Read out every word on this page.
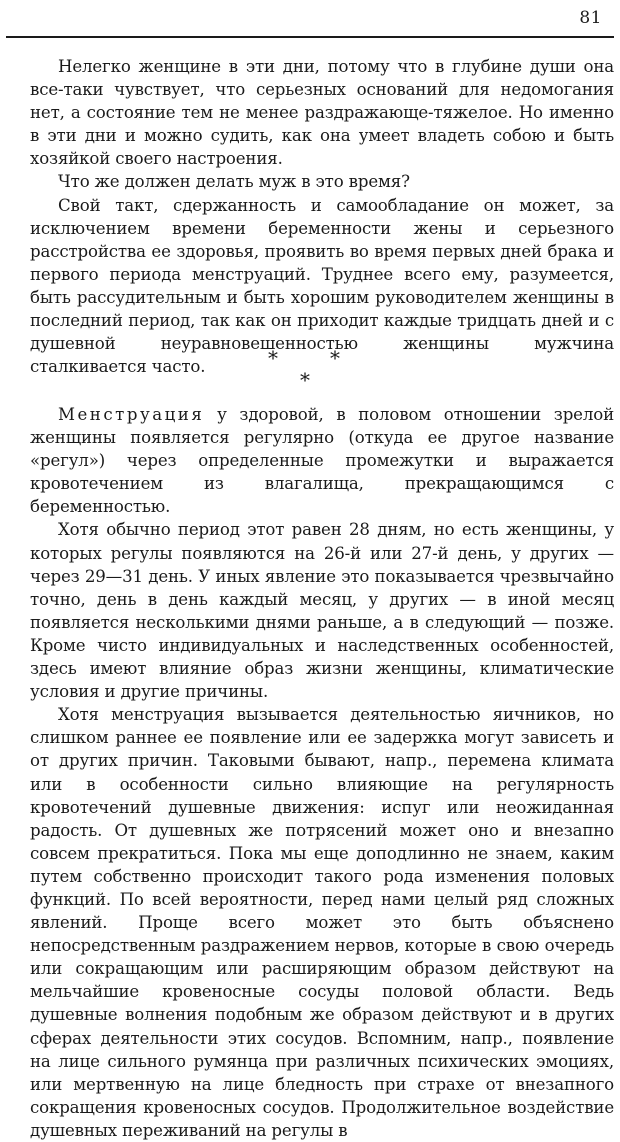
81

Нелегко женщине в эти дни, потому что в глубине души она все-таки чувствует, что серьезных оснований для недомогания нет, а состояние тем не менее раздражающе-тяжелое. Но именно в эти дни и можно судить, как она умеет владеть собою и быть хозяйкой своего настроения.

Что же должен делать муж в это время?

Свой такт, сдержанность и самообладание он может, за исключением времени беременности жены и серьезного расстройства ее здоровья, проявить во время первых дней брака и первого периода менструаций. Труднее всего ему, разумеется, быть рассудительным и быть хорошим руководителем женщины в последний период, так как он приходит каждые тридцать дней и с душевной неуравновешенностью женщины мужчина сталкивается часто.	*	*
*

Менструация у здоровой, в половом отношении зрелой женщины появляется регулярно (откуда ее другое название «регул») через определенные промежутки и выражается кровотечением из влагалища, прекращающимся с беременностью.

Хотя обычно период этот равен 28 дням, но есть женщины, у которых регулы появляются на 26-й или 27-й день, у других — через 29—31 день. У иных явление это показывается чрезвычайно точно, день в день каждый месяц, у других — в иной месяц появляется несколькими днями раньше, а в следующий — позже. Кроме чисто индивидуальных и наследственных особенностей, здесь имеют влияние образ жизни женщины, климатические условия и другие причины.

Хотя менструация вызывается деятельностью яичников, но слишком раннее ее появление или ее задержка могут зависеть и от других причин. Таковыми бывают, напр., перемена климата или в особенности сильно влияющие на регулярность кровотечений душевные движения: испуг или неожиданная радость. От душевных же потрясений может оно и внезапно совсем прекратиться. Пока мы еще доподлинно не знаем, каким путем собственно происходит такого рода изменения половых функций. По всей вероятности, перед нами целый ряд сложных явлений. Проще всего может это быть объяснено непосредственным раздражением нервов, которые в свою очередь или сокращающим или расширяющим образом действуют на мельчайшие кровеносные сосуды половой области. Ведь душевные волнения подобным же образом действуют и в других сферах деятельности этих сосудов. Вспомним, напр., появление на лице сильного румянца при различных психических эмоциях, или мертвенную на лице бледность при страхе от внезапного сокращения кровеносных сосудов. Продолжительное воздействие душевных переживаний на регулы в
